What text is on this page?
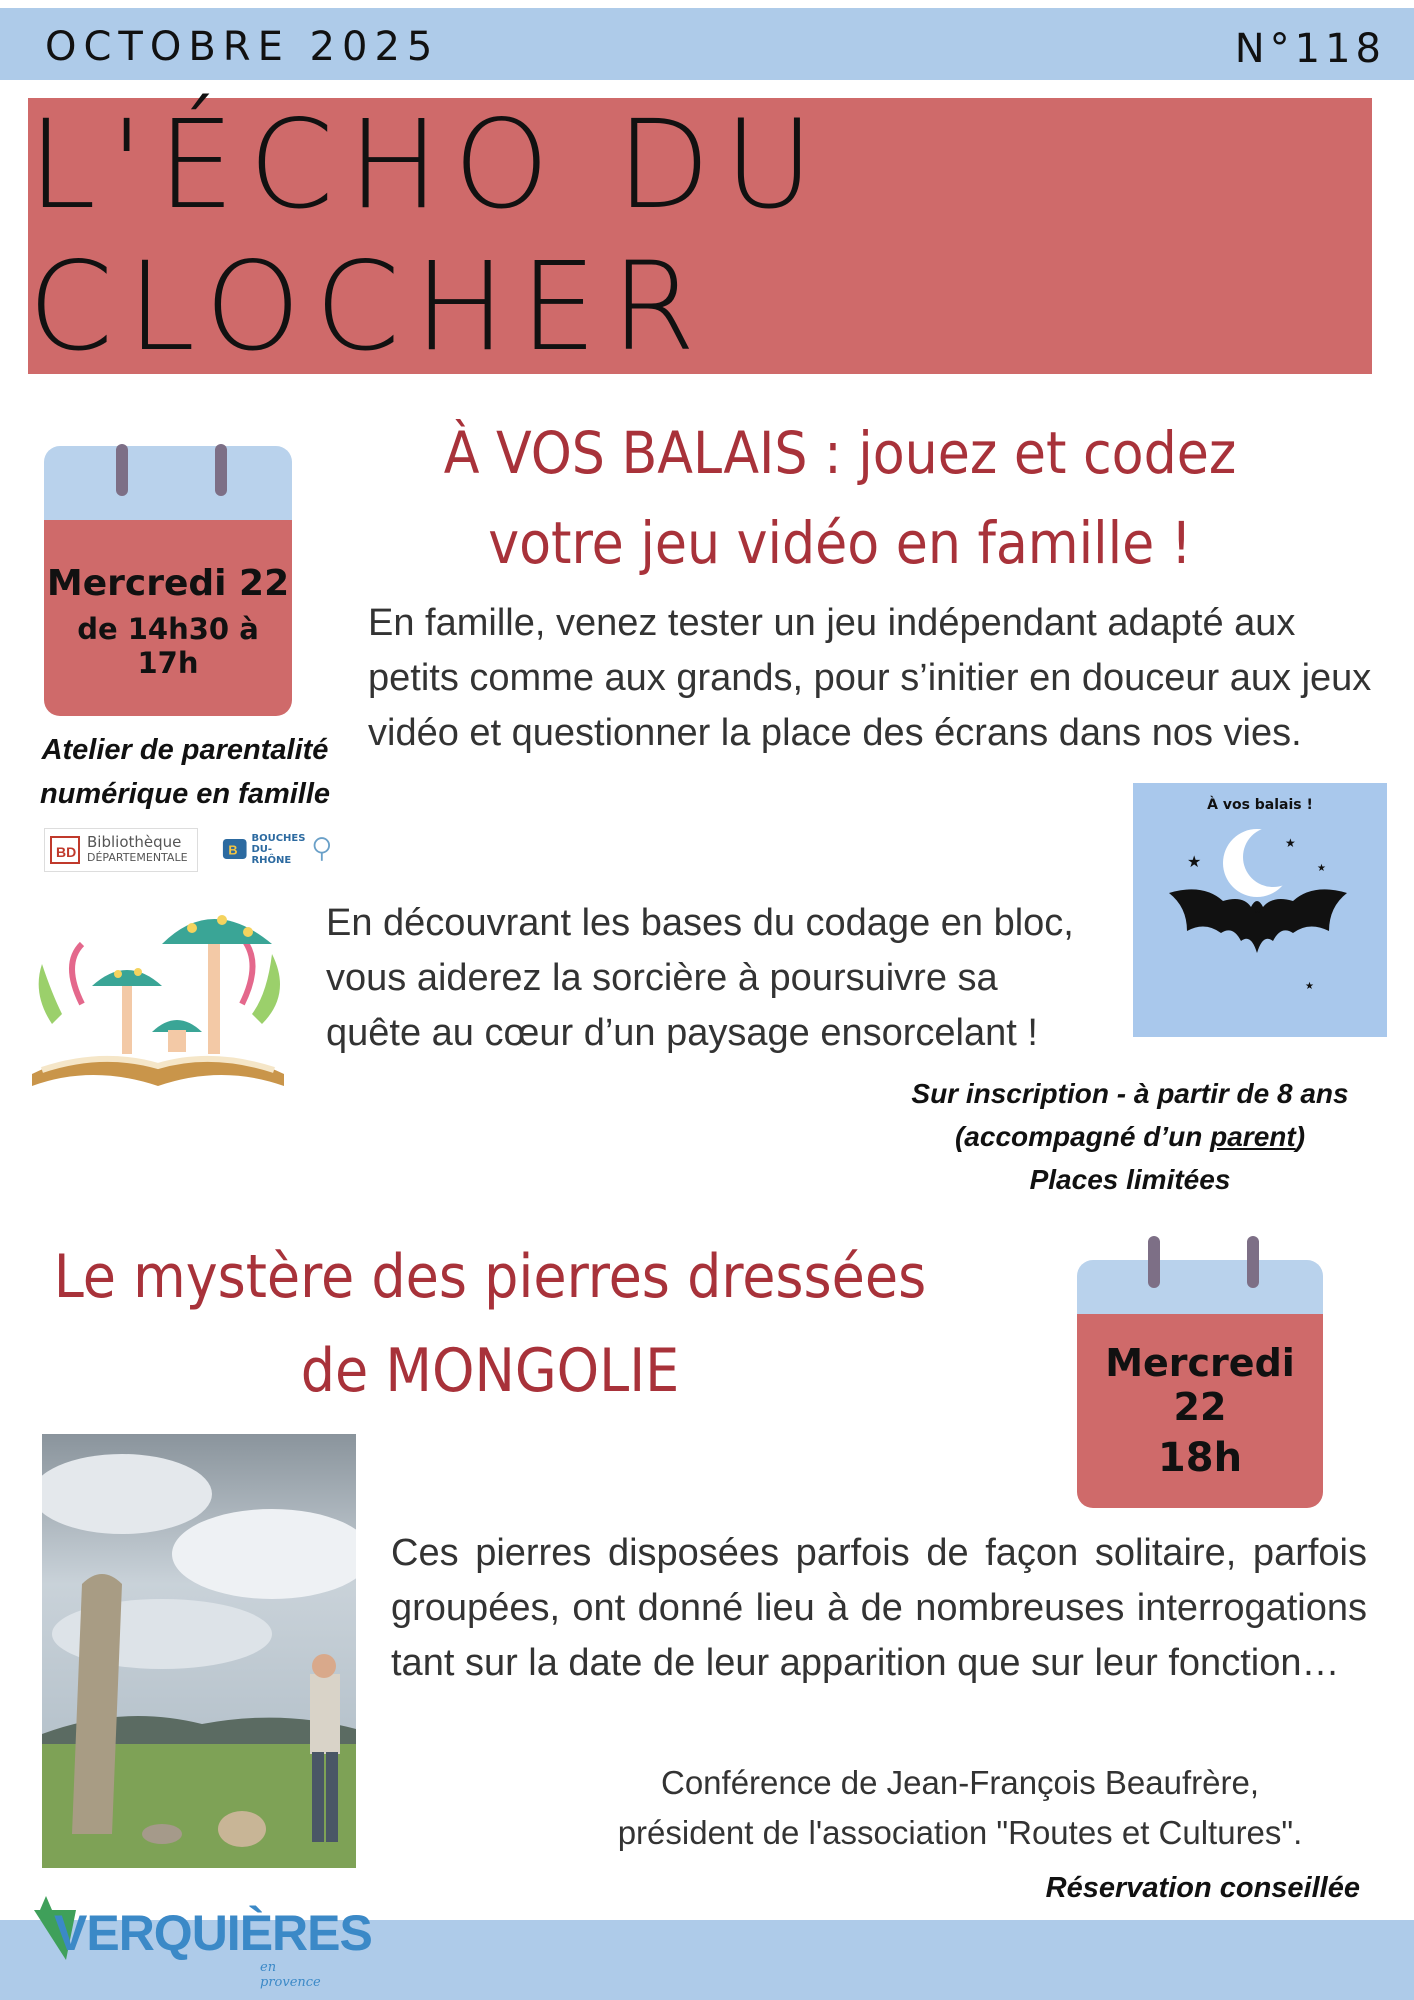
OCTOBRE 2025	N°118
L'ÉCHO DU CLOCHER
Mercredi 22
de 14h30 à 17h
Atelier de parentalité
numérique en famille
BD
Bibliothèque
DÉPARTEMENTALE
B
BOUCHES
DU-RHÔNE
À VOS BALAIS : jouez et codez
votre jeu vidéo en famille !
En famille, venez tester un jeu indépendant adapté aux petits comme aux grands, pour s’initier en douceur aux jeux vidéo et questionner la place des écrans dans nos vies.
À vos balais !
★
★
★
★
★
En découvrant les bases du codage en bloc,
vous aiderez la sorcière à poursuivre sa
quête au cœur d’un paysage ensorcelant !
Sur inscription - à partir de 8 ans
(accompagné d’un parent)
Places limitées
Le mystère des pierres dressées
de MONGOLIE	Mercredi 22
18h
Ces pierres disposées parfois de façon solitaire, parfois groupées, ont donné lieu à de nombreuses interrogations tant sur la date de leur apparition que sur leur fonction…
Conférence de Jean-François Beaufrère,
président de l'association "Routes et Cultures".
Réservation conseillée
VERQUIÈRES
en provence
